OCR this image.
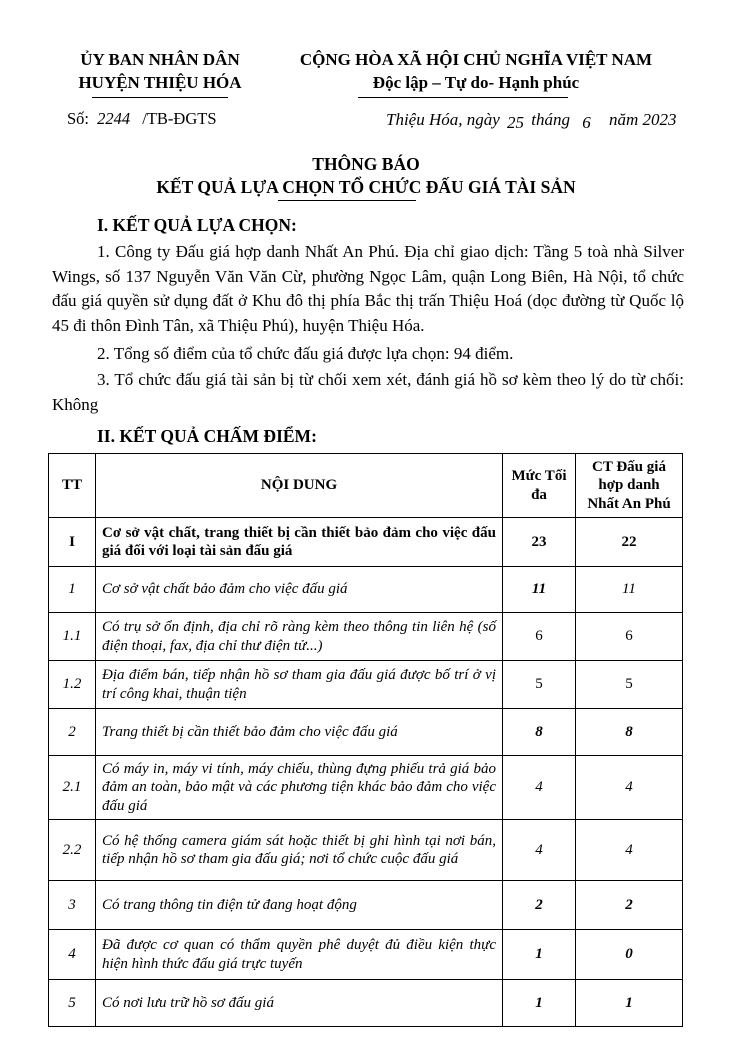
ỦY BAN NHÂN DÂN
HUYỆN THIỆU HÓA
CỘNG HÒA XÃ HỘI CHỦ NGHĨA VIỆT NAM
Độc lập – Tự do- Hạnh phúc
Số: 2244 /TB-ĐGTS	Thiệu Hóa, ngày 25 tháng 6 năm 2023
THÔNG BÁO
KẾT QUẢ LỰA CHỌN TỔ CHỨC ĐẤU GIÁ TÀI SẢN
I. KẾT QUẢ LỰA CHỌN:
1. Công ty Đấu giá hợp danh Nhất An Phú. Địa chỉ giao dịch: Tầng 5 toà nhà Silver Wings, số 137 Nguyễn Văn Văn Cừ, phường Ngọc Lâm, quận Long Biên, Hà Nội, tổ chức đấu giá quyền sử dụng đất ở Khu đô thị phía Bắc thị trấn Thiệu Hoá (dọc đường từ Quốc lộ 45 đi thôn Đình Tân, xã Thiệu Phú), huyện Thiệu Hóa.
2. Tổng số điểm của tổ chức đấu giá được lựa chọn: 94 điểm.
3. Tổ chức đấu giá tài sản bị từ chối xem xét, đánh giá hồ sơ kèm theo lý do từ chối: Không
II. KẾT QUẢ CHẤM ĐIỂM:
TT	NỘI DUNG	Mức Tối đa	CT Đấu giá hợp danh Nhất An Phú
I	Cơ sở vật chất, trang thiết bị cần thiết bảo đảm cho việc đấu giá đối với loại tài sản đấu giá	23	22
1	Cơ sở vật chất bảo đảm cho việc đấu giá	11	11
1.1	Có trụ sở ổn định, địa chỉ rõ ràng kèm theo thông tin liên hệ (số điện thoại, fax, địa chỉ thư điện tử...)	6	6
1.2	Địa điểm bán, tiếp nhận hồ sơ tham gia đấu giá được bố trí ở vị trí công khai, thuận tiện	5	5
2	Trang thiết bị cần thiết bảo đảm cho việc đấu giá	8	8
2.1	Có máy in, máy vi tính, máy chiếu, thùng đựng phiếu trả giá bảo đảm an toàn, bảo mật và các phương tiện khác bảo đảm cho việc đấu giá	4	4
2.2	Có hệ thống camera giám sát hoặc thiết bị ghi hình tại nơi bán, tiếp nhận hồ sơ tham gia đấu giá; nơi tổ chức cuộc đấu giá	4	4
3	Có trang thông tin điện tử đang hoạt động	2	2
4	Đã được cơ quan có thẩm quyền phê duyệt đủ điều kiện thực hiện hình thức đấu giá trực tuyến	1	0
5	Có nơi lưu trữ hồ sơ đấu giá	1	1
